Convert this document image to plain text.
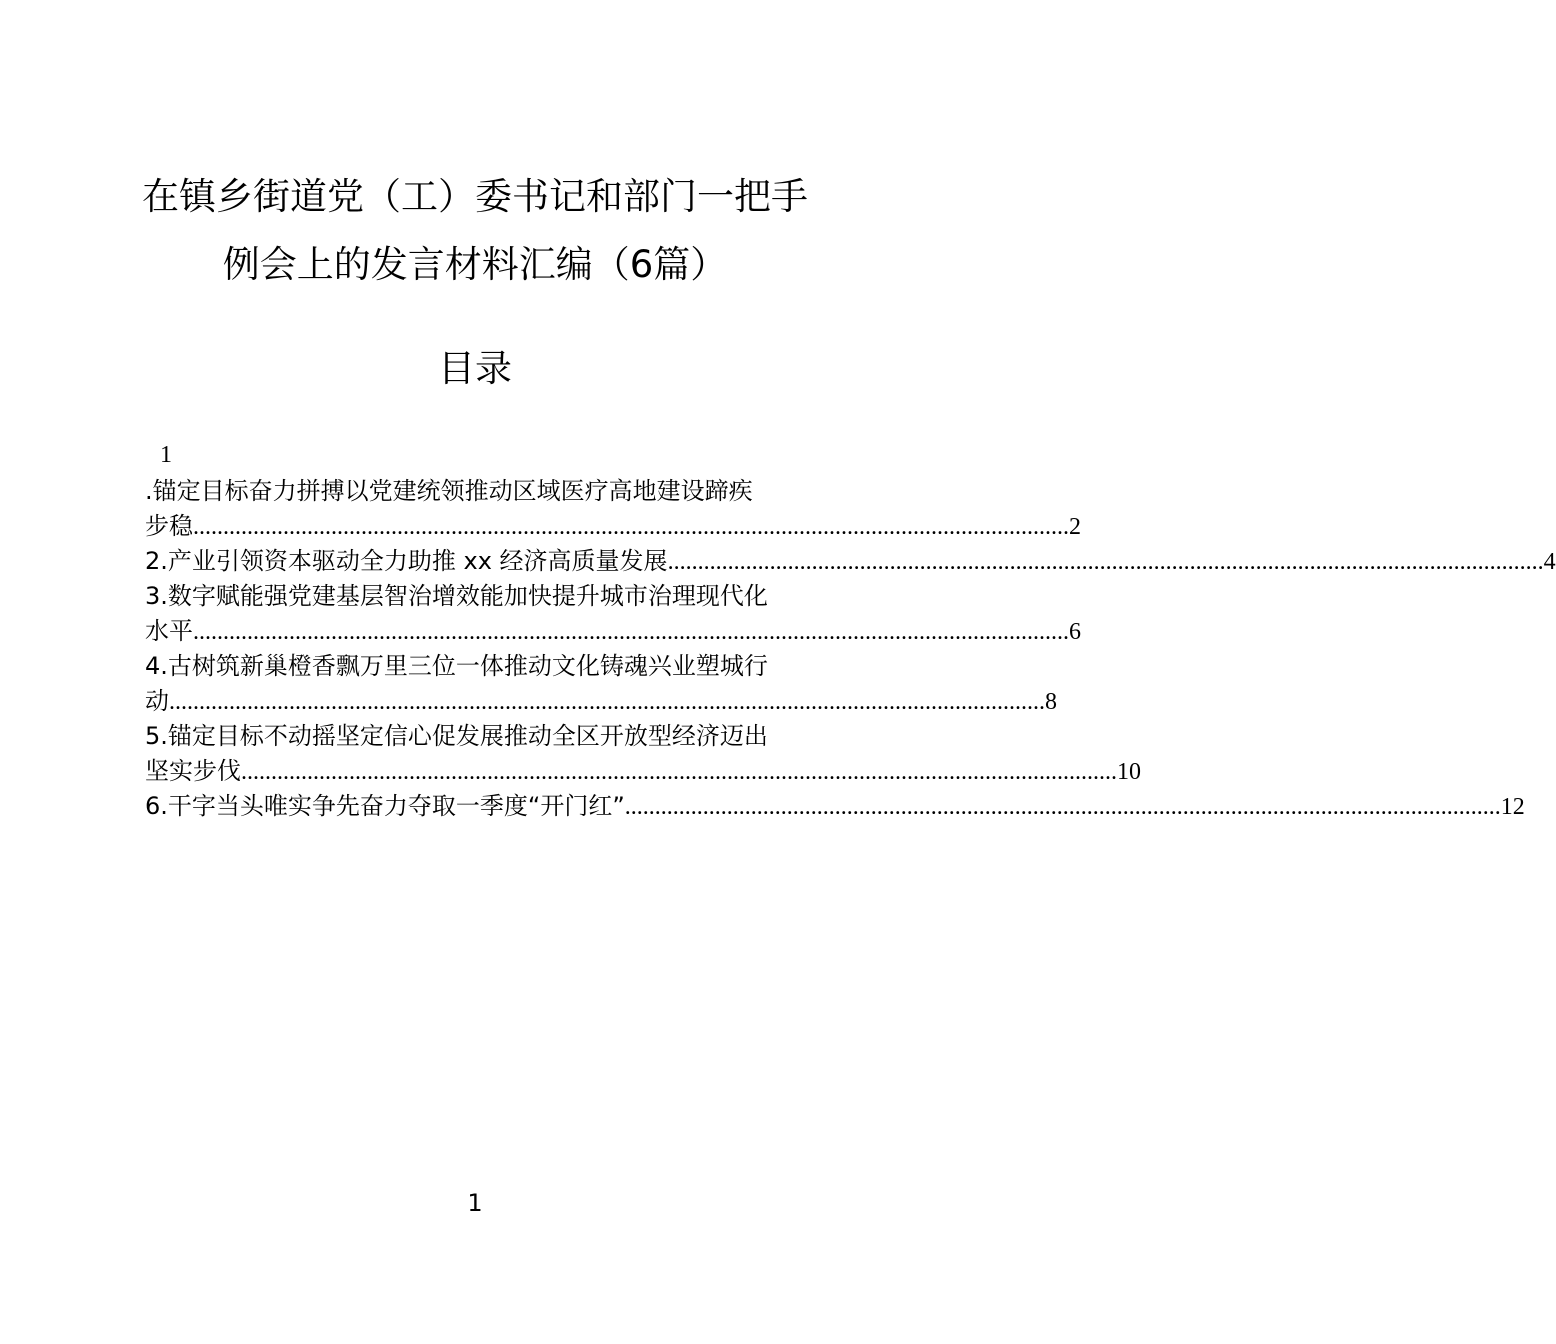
在镇乡街道党（工）委书记和部门一把手
例会上的发言材料汇编（6篇）
目录
1
.锚定目标奋力拼搏以党建统领推动区域医疗高地建设蹄疾
步稳 .................................................................................................................................................. 2
2.产业引领资本驱动全力助推 xx 经济高质量发展 .................................................................................................................................................. 4
3.数字赋能强党建基层智治增效能加快提升城市治理现代化
水平 .................................................................................................................................................. 6
4.古树筑新巢橙香飘万里三位一体推动文化铸魂兴业塑城行
动 .................................................................................................................................................. 8
5.锚定目标不动摇坚定信心促发展推动全区开放型经济迈出
坚实步伐 .................................................................................................................................................. 10
6.干字当头唯实争先奋力夺取一季度“开门红” .................................................................................................................................................. 12
1
